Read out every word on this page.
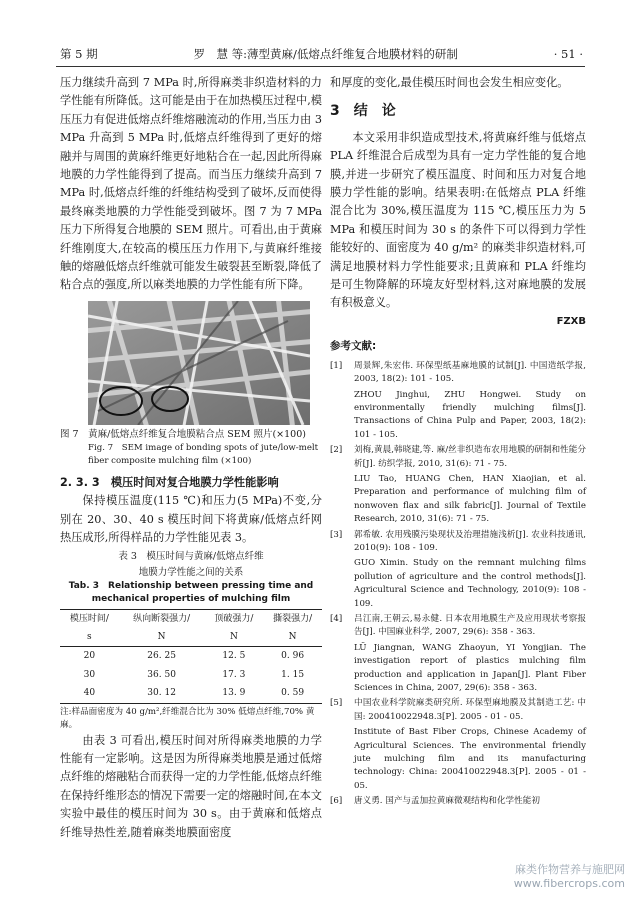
第 5 期	罗　慧 等:薄型黄麻/低熔点纤维复合地膜材料的研制	· 51 ·

压力继续升高到 7 MPa 时,所得麻类非织造材料的力学性能有所降低。这可能是由于在加热模压过程中,模压压力有促进低熔点纤维熔融流动的作用,当压力由 3 MPa 升高到 5 MPa 时,低熔点纤维得到了更好的熔融并与周围的黄麻纤维更好地粘合在一起,因此所得麻地膜的力学性能得到了提高。而当压力继续升高到 7 MPa 时,低熔点纤维的纤维结构受到了破坏,反而使得最终麻类地膜的力学性能受到破坏。图 7 为 7 MPa 压力下所得复合地膜的 SEM 照片。可看出,由于黄麻纤维刚度大,在较高的模压压力作用下,与黄麻纤维接触的熔融低熔点纤维就可能发生破裂甚至断裂,降低了粘合点的强度,所以麻类地膜的力学性能有所下降。

图 7　黄麻/低熔点纤维复合地膜粘合点 SEM 照片(×100)
Fig. 7　SEM image of bonding spots of jute/low-melt
fiber composite mulching film (×100)
2. 3. 3　模压时间对复合地膜力学性能影响

保持模压温度(115 ℃)和压力(5 MPa)不变,分别在 20、30、40 s 模压时间下将黄麻/低熔点纤网热压成形,所得样品的力学性能见表 3。

表 3　模压时间与黄麻/低熔点纤维
地膜力学性能之间的关系
Tab. 3　Relationship between pressing time and
mechanical properties of mulching film
模压时间/	纵向断裂强力/	顶破强力/	撕裂强力/
s	N	N	N
20	26. 25	12. 5	0. 96
30	36. 50	17. 3	1. 15
40	30. 12	13. 9	0. 59
注:样品面密度为 40 g/m²,纤维混合比为 30% 低熔点纤维,70% 黄麻。

由表 3 可看出,模压时间对所得麻类地膜的力学性能有一定影响。这是因为所得麻类地膜是通过低熔点纤维的熔融粘合而获得一定的力学性能,低熔点纤维在保持纤维形态的情况下需要一定的熔融时间,在本文实验中最佳的模压时间为 30 s。由于黄麻和低熔点纤维导热性差,随着麻类地膜面密度

和厚度的变化,最佳模压时间也会发生相应变化。

3　结　论

本文采用非织造成型技术,将黄麻纤维与低熔点 PLA 纤维混合后成型为具有一定力学性能的复合地膜,并进一步研究了模压温度、时间和压力对复合地膜力学性能的影响。结果表明:在低熔点 PLA 纤维混合比为 30%,模压温度为 115 ℃,模压压力为 5 MPa 和模压时间为 30 s 的条件下可以得到力学性能较好的、面密度为 40 g/m² 的麻类非织造材料,可满足地膜材料力学性能要求;且黄麻和 PLA 纤维均是可生物降解的环境友好型材料,这对麻地膜的发展有积极意义。

FZXB
参考文献:
[1]	周景辉,朱宏伟. 环保型纸基麻地膜的试制[J]. 中国造纸学报, 2003, 18(2): 101 - 105.
ZHOU Jinghui, ZHU Hongwei. Study on environmentally friendly mulching films[J]. Transactions of China Pulp and Paper, 2003, 18(2): 101 - 105.
[2]	刘梅,黄晨,韩晓建,等. 麻/丝非织造布农用地膜的研制和性能分析[J]. 纺织学报, 2010, 31(6): 71 - 75.
LIU Tao, HUANG Chen, HAN Xiaojian, et al. Preparation and performance of mulching film of nonwoven flax and silk fabric[J]. Journal of Textile Research, 2010, 31(6): 71 - 75.
[3]	郭希敏. 农用残膜污染现状及治理措施浅析[J]. 农业科技通讯, 2010(9): 108 - 109.
GUO Ximin. Study on the remnant mulching films pollution of agriculture and the control methods[J]. Agricultural Science and Technology, 2010(9): 108 - 109.
[4]	吕江南,王朝云,易永健. 日本农用地膜生产及应用现状考察报告[J]. 中国麻业科学, 2007, 29(6): 358 - 363.
LÜ Jiangnan, WANG Zhaoyun, YI Yongjian. The investigation report of plastics mulching film production and application in Japan[J]. Plant Fiber Sciences in China, 2007, 29(6): 358 - 363.
[5]	中国农业科学院麻类研究所. 环保型麻地膜及其制造工艺: 中国: 200410022948.3[P]. 2005 - 01 - 05.
Institute of Bast Fiber Crops, Chinese Academy of Agricultural Sciences. The environmental friendly jute mulching film and its manufacturing technology: China: 200410022948.3[P]. 2005 - 01 - 05.
[6]	唐义勇. 国产与孟加拉黄麻微观结构和化学性能初
麻类作物营养与施肥网
www.fibercrops.com
